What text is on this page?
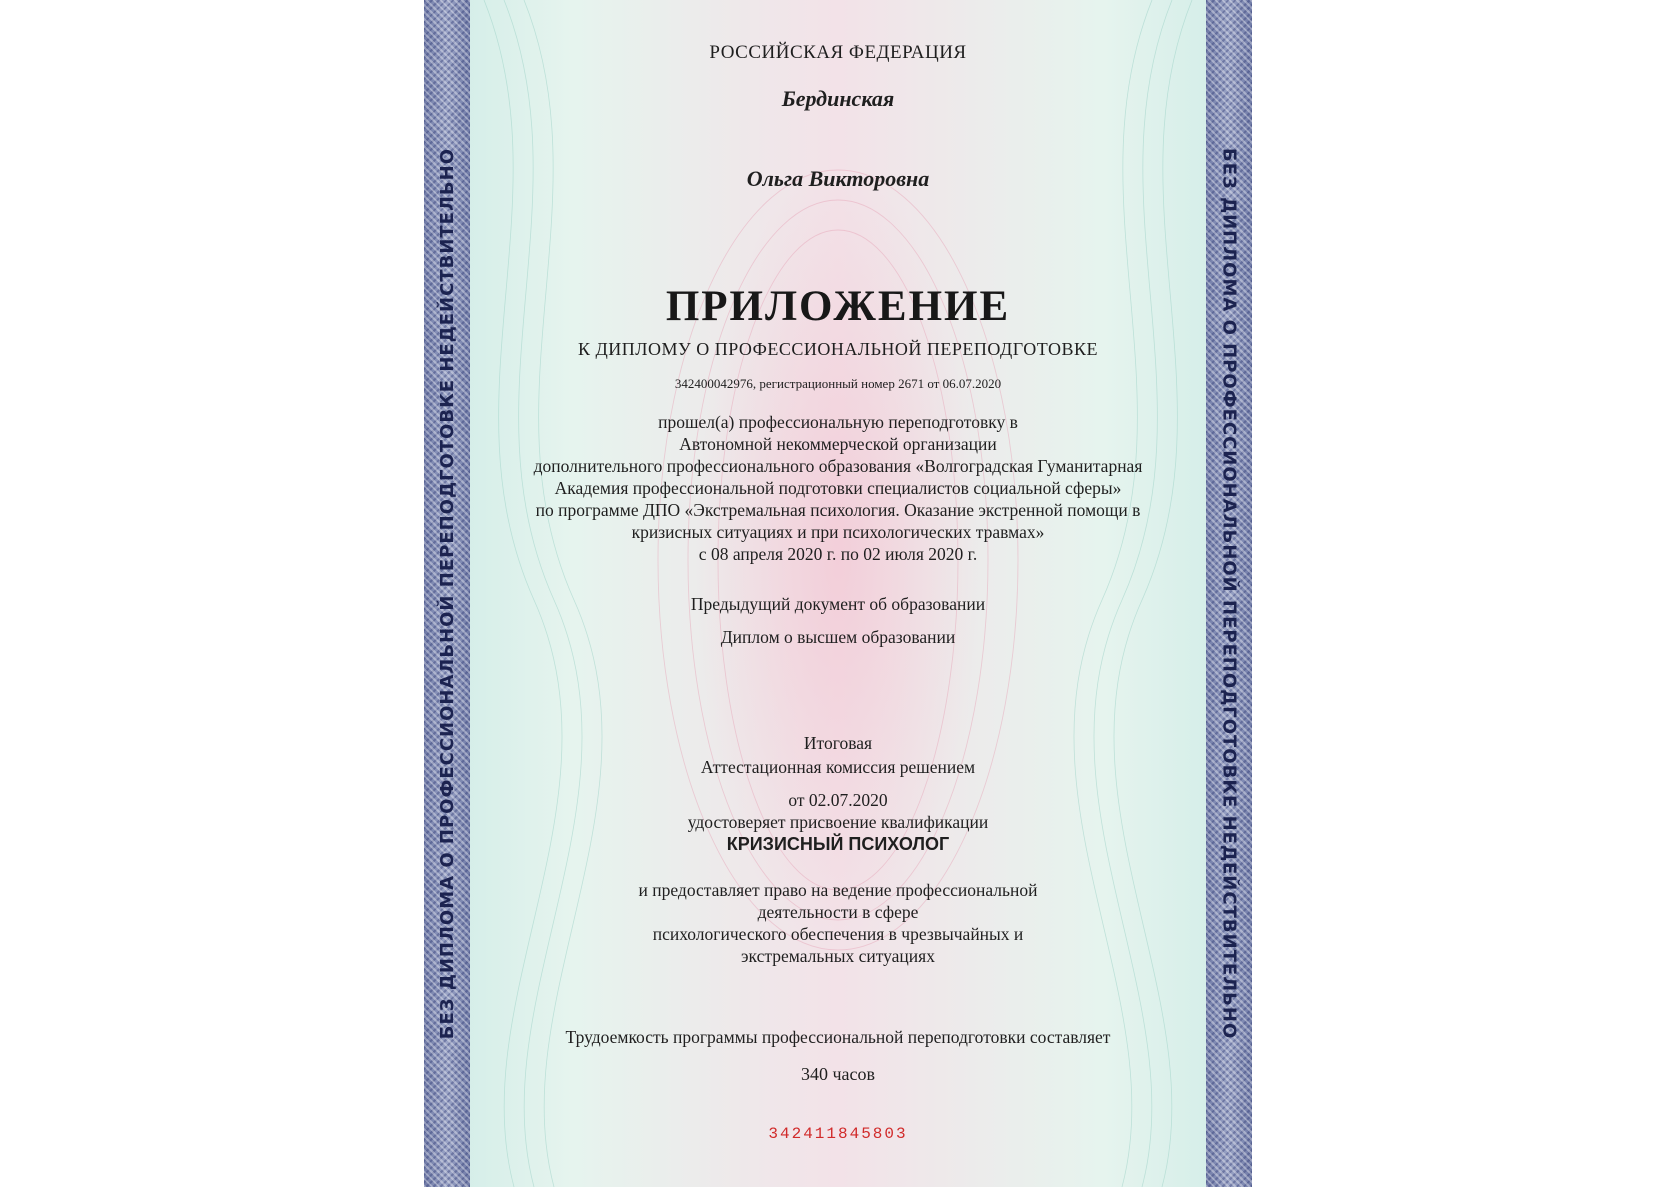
БЕЗ ДИПЛОМА О ПРОФЕССИОНАЛЬНОЙ ПЕРЕПОДГОТОВКЕ НЕДЕЙСТВИТЕЛЬНО	БЕЗ ДИПЛОМА О ПРОФЕССИОНАЛЬНОЙ ПЕРЕПОДГОТОВКЕ НЕДЕЙСТВИТЕЛЬНО

РОССИЙСКАЯ ФЕДЕРАЦИЯ

Бердинская

Ольга Викторовна

ПРИЛОЖЕНИЕ

К ДИПЛОМУ О ПРОФЕССИОНАЛЬНОЙ ПЕРЕПОДГОТОВКЕ

342400042976, регистрационный номер 2671 от 06.07.2020

прошел(а) профессиональную переподготовку в

Автономной некоммерческой организации

дополнительного профессионального образования «Волгоградская Гуманитарная

Академия профессиональной подготовки специалистов социальной сферы»

по программе ДПО «Экстремальная психология. Оказание экстренной помощи в

кризисных ситуациях и при психологических травмах»

с 08 апреля 2020 г. по 02 июля 2020 г.

Предыдущий документ об образовании

Диплом о высшем образовании

Итоговая

Аттестационная комиссия решением

от 02.07.2020

удостоверяет присвоение квалификации

КРИЗИСНЫЙ ПСИХОЛОГ

и предоставляет право на ведение профессиональной

деятельности в сфере

психологического обеспечения в чрезвычайных и

экстремальных ситуациях

Трудоемкость программы профессиональной переподготовки составляет

340 часов

342411845803
